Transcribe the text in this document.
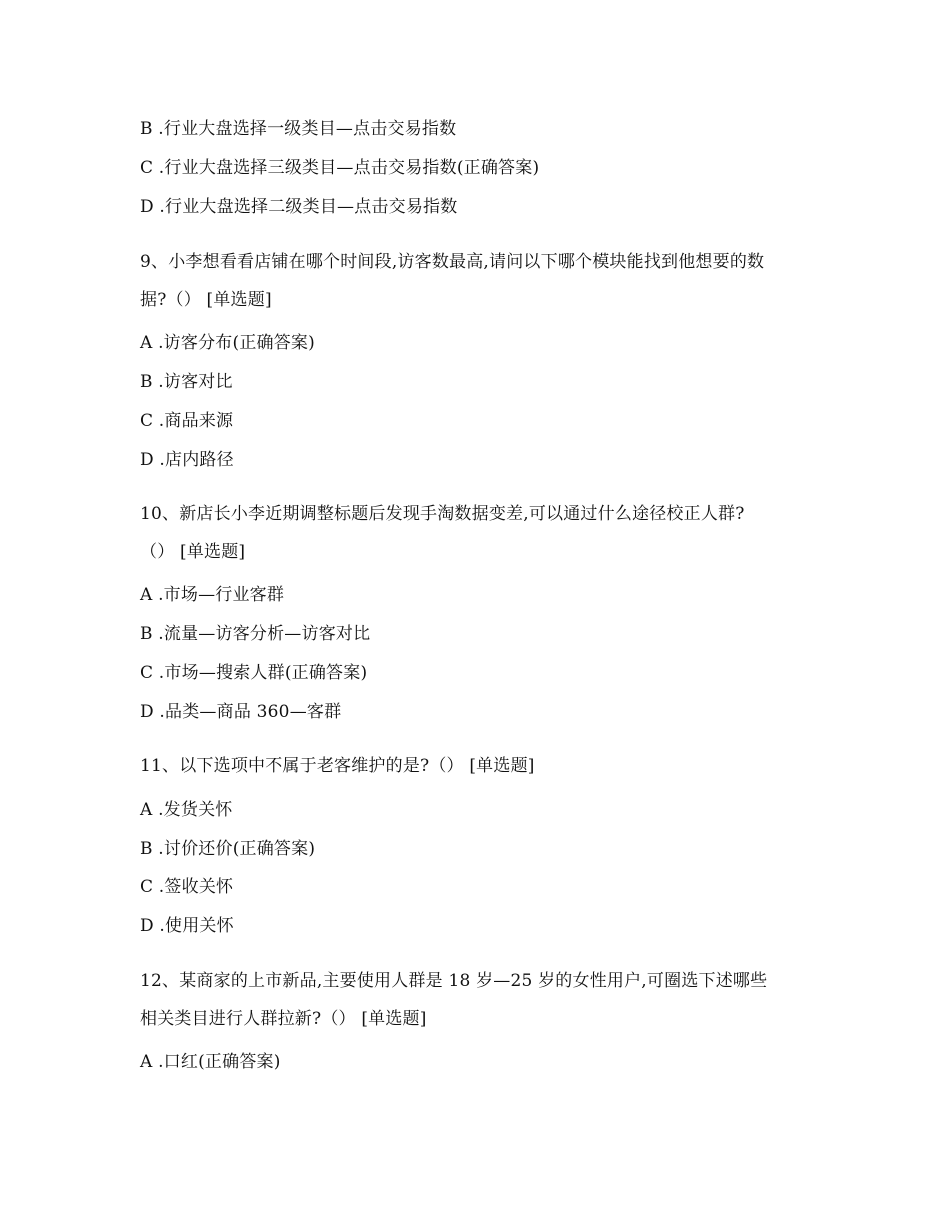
B .行业大盘选择一级类目—点击交易指数
C .行业大盘选择三级类目—点击交易指数(正确答案)
D .行业大盘选择二级类目—点击交易指数
9、小李想看看店铺在哪个时间段,访客数最高,请问以下哪个模块能找到他想要的数
据?（） [单选题]
A .访客分布(正确答案)
B .访客对比
C .商品来源
D .店内路径
10、新店长小李近期调整标题后发现手淘数据变差,可以通过什么途径校正人群?
（） [单选题]
A .市场—行业客群
B .流量—访客分析—访客对比
C .市场—搜索人群(正确答案)
D .品类—商品 360—客群
11、以下选项中不属于老客维护的是?（） [单选题]
A .发货关怀
B .讨价还价(正确答案)
C .签收关怀
D .使用关怀
12、某商家的上市新品,主要使用人群是 18 岁—25 岁的女性用户,可圈选下述哪些
相关类目进行人群拉新?（） [单选题]
A .口红(正确答案)
